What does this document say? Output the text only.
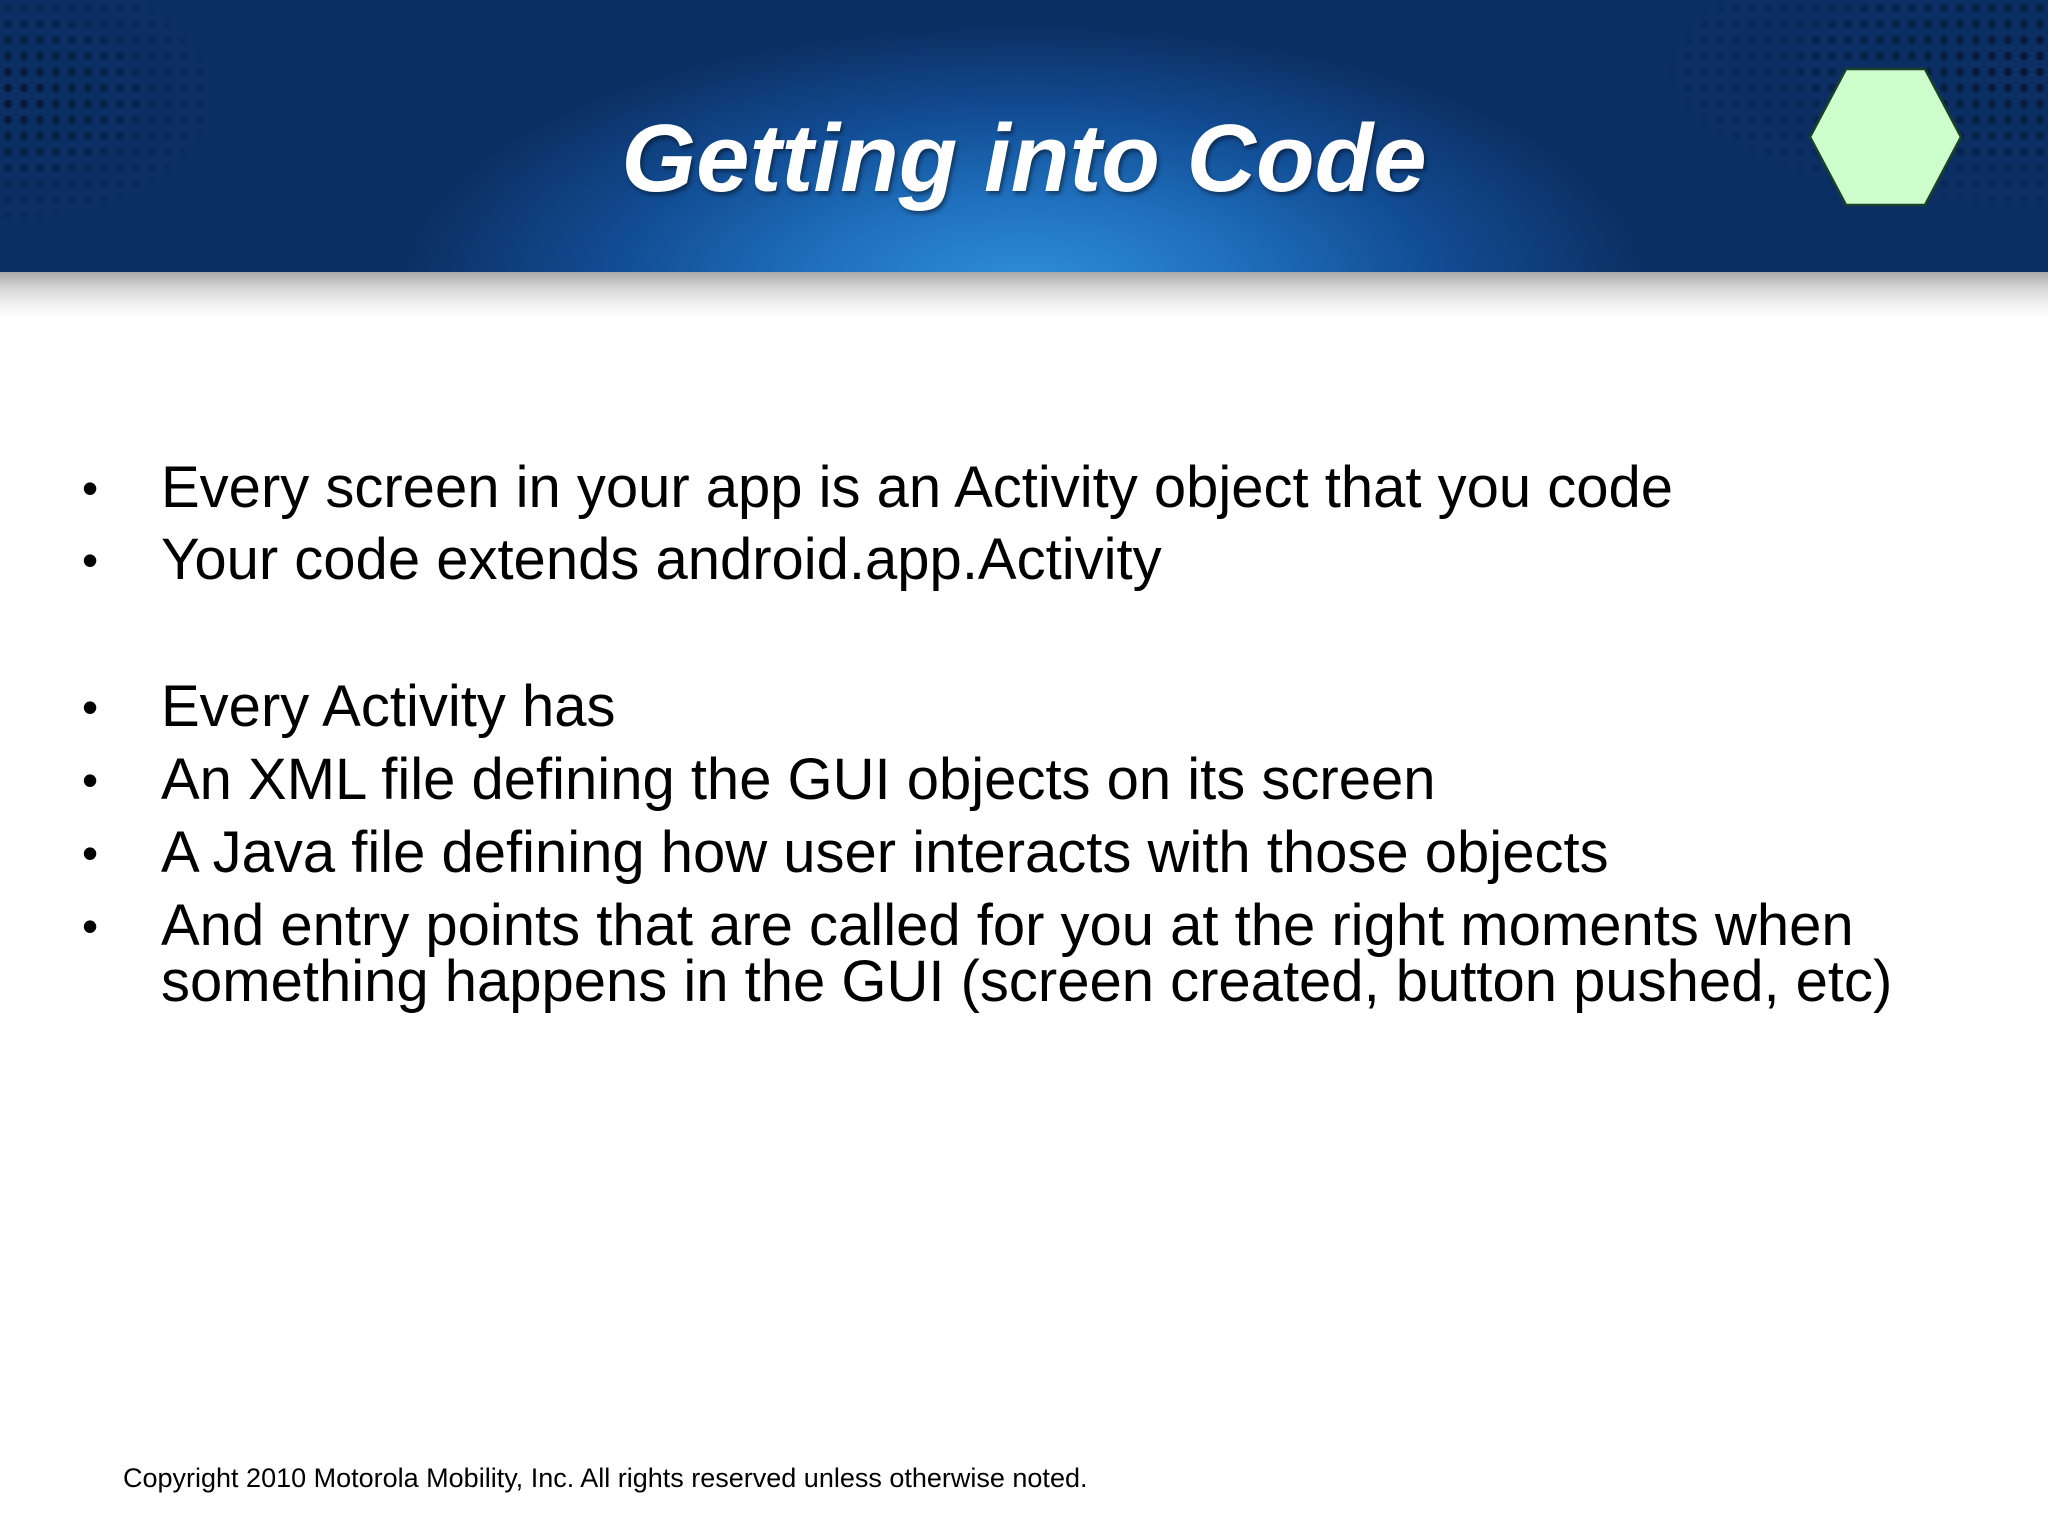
Getting into Code
• Every screen in your app is an Activity object that you code
• Your code extends android.app.Activity
• Every Activity has
• An XML file defining the GUI objects on its screen
• A Java file defining how user interacts with those objects
• And entry points that are called for you at the right moments when something happens in the GUI (screen created, button pushed, etc)
Copyright 2010 Motorola Mobility, Inc. All rights reserved unless otherwise noted.
